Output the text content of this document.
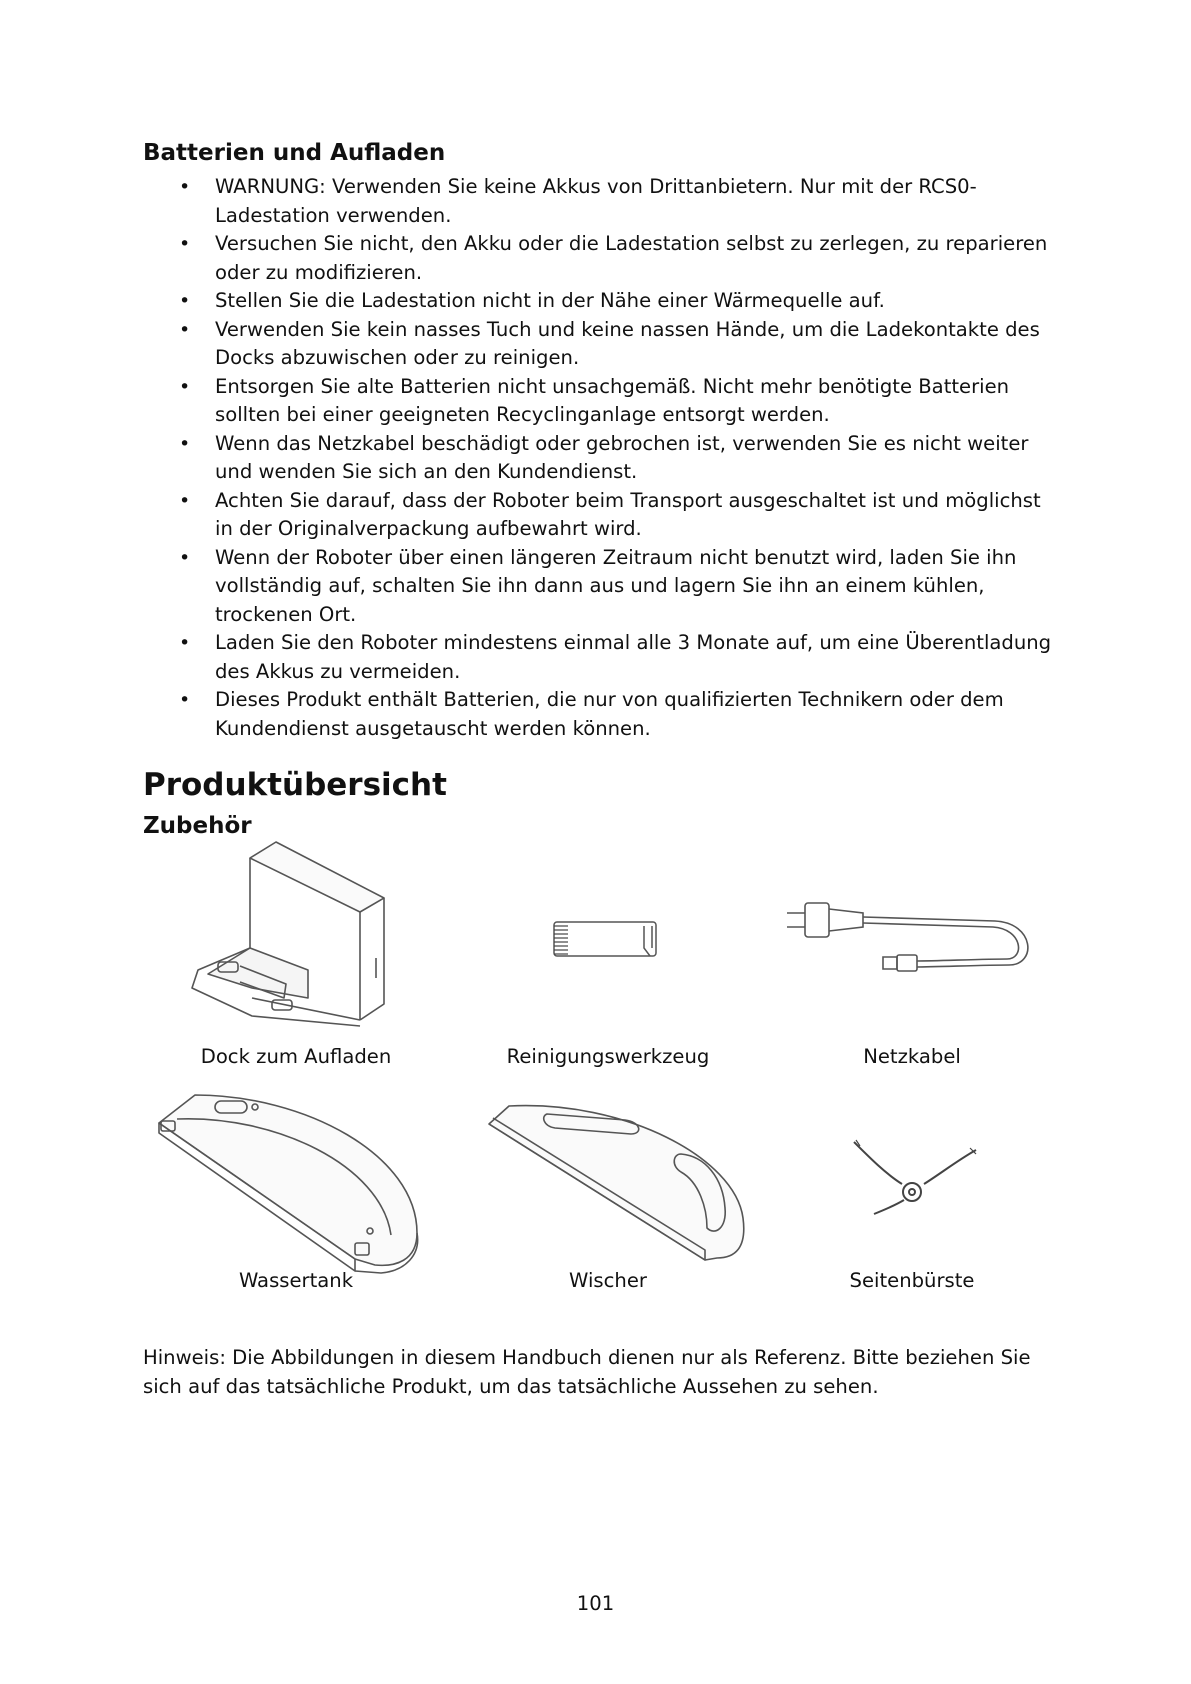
Batterien und Aufladen
• WARNUNG: Verwenden Sie keine Akkus von Drittanbietern. Nur mit der RCS0-Ladestation verwenden.
• Versuchen Sie nicht, den Akku oder die Ladestation selbst zu zerlegen, zu reparieren oder zu modifizieren.
• Stellen Sie die Ladestation nicht in der Nähe einer Wärmequelle auf.
• Verwenden Sie kein nasses Tuch und keine nassen Hände, um die Ladekontakte des Docks abzuwischen oder zu reinigen.
• Entsorgen Sie alte Batterien nicht unsachgemäß. Nicht mehr benötigte Batterien sollten bei einer geeigneten Recyclinganlage entsorgt werden.
• Wenn das Netzkabel beschädigt oder gebrochen ist, verwenden Sie es nicht weiter und wenden Sie sich an den Kundendienst.
• Achten Sie darauf, dass der Roboter beim Transport ausgeschaltet ist und möglichst in der Originalverpackung aufbewahrt wird.
• Wenn der Roboter über einen längeren Zeitraum nicht benutzt wird, laden Sie ihn vollständig auf, schalten Sie ihn dann aus und lagern Sie ihn an einem kühlen, trockenen Ort.
• Laden Sie den Roboter mindestens einmal alle 3 Monate auf, um eine Überentladung des Akkus zu vermeiden.
• Dieses Produkt enthält Batterien, die nur von qualifizierten Technikern oder dem Kundendienst ausgetauscht werden können.
Produktübersicht
Zubehör
Dock zum Aufladen	Reinigungswerkzeug	Netzkabel
Wassertank	Wischer	Seitenbürste

Hinweis: Die Abbildungen in diesem Handbuch dienen nur als Referenz. Bitte beziehen Sie sich auf das tatsächliche Produkt, um das tatsächliche Aussehen zu sehen.

101
